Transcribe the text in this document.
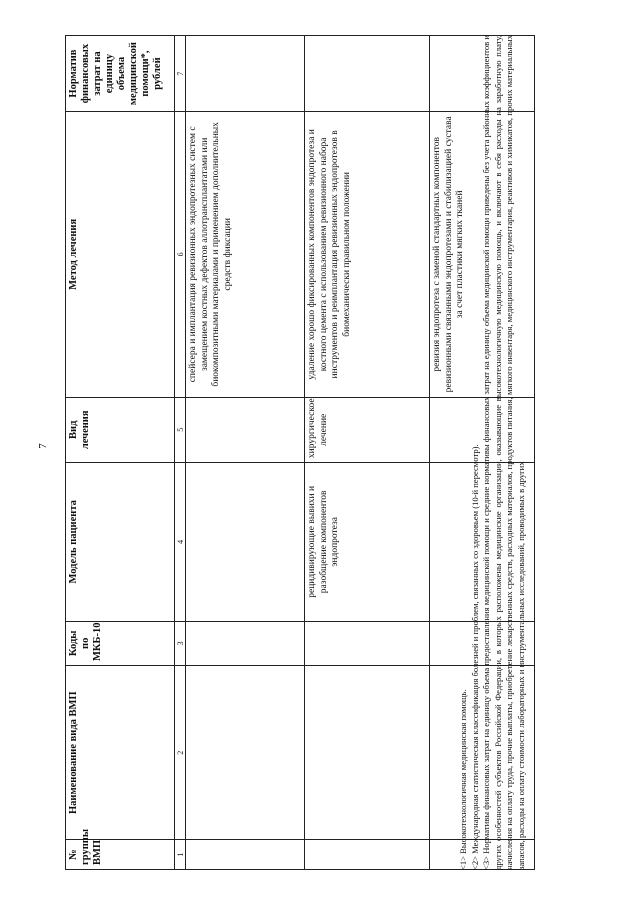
7
№ группы ВМП	Наименование вида ВМП	Коды по МКБ-10	Модель пациента	Вид лечения	Метод лечения	Норматив финансовых затрат на единицу объема медицинской помощи*, рублей
1	2	3	4	5	6	7
					спейсера и имплантация ревизионных эндопротезных систем с замещением костных дефектов аллотрансплантатами или биокомпозитными материалами и применением дополнительных средств фиксации	
			рецидивирующие вывихи и разобщение компонентов эндопротеза	хирургическое лечение	удаление хорошо фиксированных компонентов эндопротеза и костного цемента с использованием ревизионного набора инструментов и реимплантация ревизионных эндопротезов в биомеханически правильном положении	
					ревизия эндопротеза с заменой стандартных компонентов ревизионными связанными эндопротезами и стабилизацией сустава за счет пластики мягких тканей	

<1> Высокотехнологичная медицинская помощь. <2> Международная статистическая классификация болезней и проблем, связанных со здоровьем (10-й пересмотр). <3> Нормативы финансовых затрат на единицу объема предоставления медицинской помощи и средние нормативы финансовых затрат на единицу объема медицинской помощи приведены без учета районных коэффициентов и других особенностей субъектов Российской Федерации, в которых расположены медицинские организации, оказывающие высокотехнологичную медицинскую помощь, и включают в себя расходы на заработную плату, начисления на оплату труда, прочие выплаты, приобретение лекарственных средств, расходных материалов, продуктов питания, мягкого инвентаря, медицинского инструментария, реактивов и химикатов, прочих материальных запасов, расходы на оплату стоимости лабораторных и инструментальных исследований, проводимых в других
